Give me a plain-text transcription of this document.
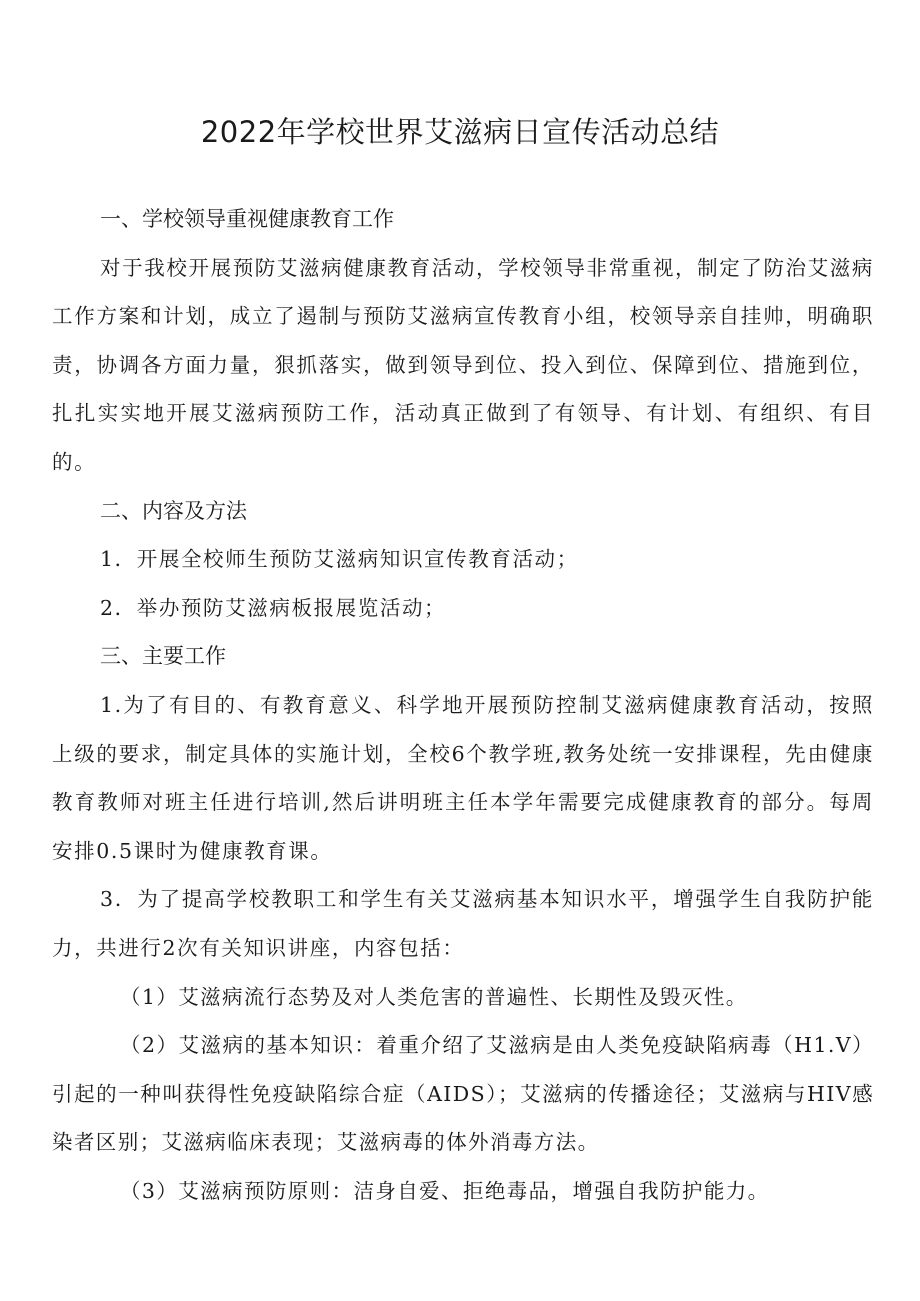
2022年学校世界艾滋病日宣传活动总结
一、学校领导重视健康教育工作

对于我校开展预防艾滋病健康教育活动，学校领导非常重视，制定了防治艾滋病工作方案和计划，成立了遏制与预防艾滋病宣传教育小组，校领导亲自挂帅，明确职责，协调各方面力量，狠抓落实，做到领导到位、投入到位、保障到位、措施到位，扎扎实实地开展艾滋病预防工作，活动真正做到了有领导、有计划、有组织、有目的。

二、内容及方法

1．开展全校师生预防艾滋病知识宣传教育活动；

2．举办预防艾滋病板报展览活动；

三、主要工作

1.为了有目的、有教育意义、科学地开展预防控制艾滋病健康教育活动，按照上级的要求，制定具体的实施计划，全校6个教学班,教务处统一安排课程，先由健康教育教师对班主任进行培训,然后讲明班主任本学年需要完成健康教育的部分。每周安排0.5课时为健康教育课。

3．为了提高学校教职工和学生有关艾滋病基本知识水平，增强学生自我防护能力，共进行2次有关知识讲座，内容包括：

（1）艾滋病流行态势及对人类危害的普遍性、长期性及毁灭性。

（2）艾滋病的基本知识：着重介绍了艾滋病是由人类免疫缺陷病毒（H1.V）引起的一种叫获得性免疫缺陷综合症（AIDS）；艾滋病的传播途径；艾滋病与HIV感染者区别；艾滋病临床表现；艾滋病毒的体外消毒方法。

（3）艾滋病预防原则：洁身自爱、拒绝毒品，增强自我防护能力。
